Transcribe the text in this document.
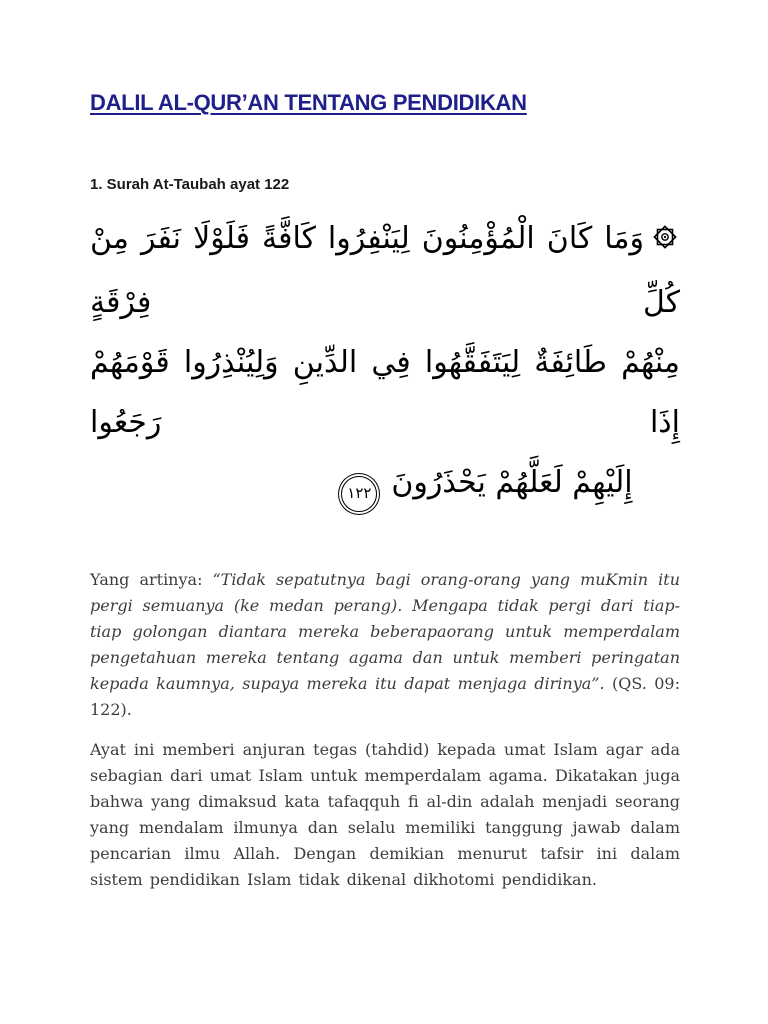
DALIL AL-QUR’AN TENTANG PENDIDIKAN
1. Surah At-Taubah ayat 122
وَمَا كَانَ الْمُؤْمِنُونَ لِيَنْفِرُوا كَافَّةً فَلَوْلَا نَفَرَ مِنْ كُلِّ فِرْقَةٍ
مِنْهُمْ طَائِفَةٌ لِيَتَفَقَّهُوا فِي الدِّينِ وَلِيُنْذِرُوا قَوْمَهُمْ إِذَا رَجَعُوا
إِلَيْهِمْ لَعَلَّهُمْ يَحْذَرُونَ١٢٢
Yang artinya: “Tidak sepatutnya bagi orang-orang yang muKmin itu pergi semuanya (ke medan perang). Mengapa tidak pergi dari tiap-tiap golongan diantara mereka beberapaorang untuk memperdalam pengetahuan mereka tentang agama dan untuk memberi peringatan kepada kaumnya, supaya mereka itu dapat menjaga dirinya”. (QS. 09: 122).
Ayat ini memberi anjuran tegas (tahdid) kepada umat Islam agar ada sebagian dari umat Islam untuk memperdalam agama. Dikatakan juga bahwa yang dimaksud kata tafaqquh fi al-din adalah menjadi seorang yang mendalam ilmunya dan selalu memiliki tanggung jawab dalam pencarian ilmu Allah. Dengan demikian menurut tafsir ini dalam sistem pendidikan Islam tidak dikenal dikhotomi pendidikan.
